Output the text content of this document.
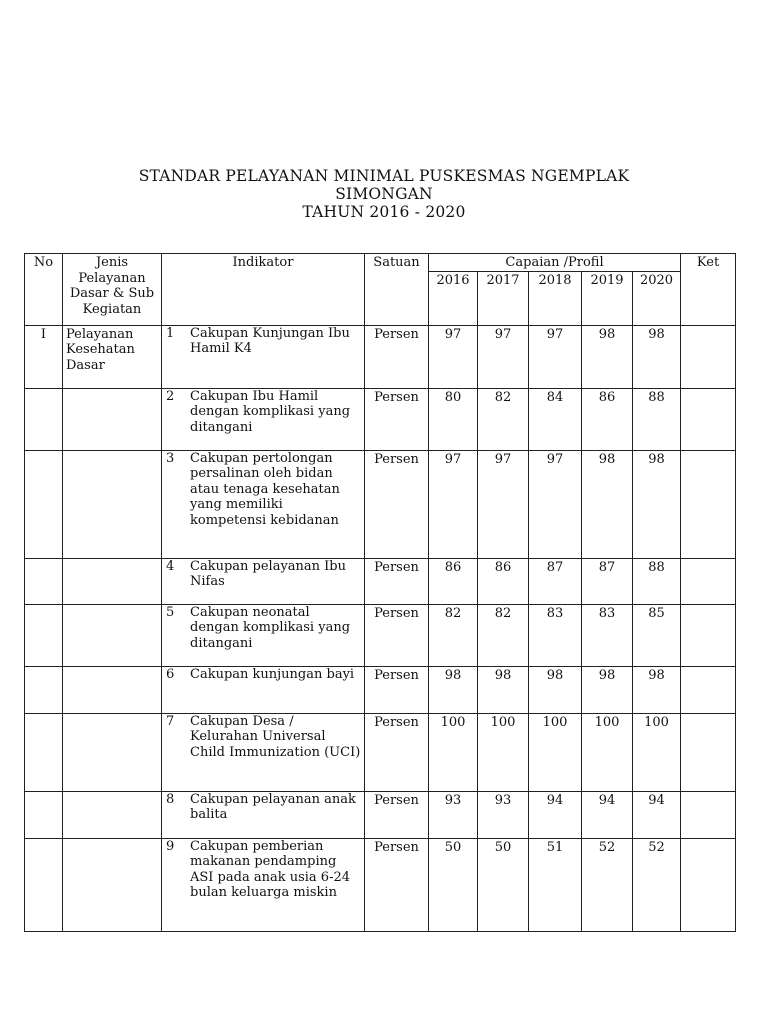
STANDAR PELAYANAN MINIMAL PUSKESMAS NGEMPLAK
SIMONGAN
TAHUN 2016 - 2020
No	Jenis Pelayanan Dasar & Sub Kegiatan	Indikator	Satuan	Capaian /Profil					Ket
				2016	2017	2018	2019	2020	
I	Pelayanan Kesehatan Dasar	1 Cakupan Kunjungan Ibu Hamil K4	Persen	97	97	97	98	98	

		2 Cakupan Ibu Hamil dengan komplikasi yang ditangani	Persen	80	82	84	86	88	

		3 Cakupan pertolongan persalinan oleh bidan atau tenaga kesehatan yang memiliki kompetensi kebidanan	Persen	97	97	97	98	98	

		4 Cakupan pelayanan Ibu Nifas	Persen	86	86	87	87	88	

		5 Cakupan neonatal dengan komplikasi yang ditangani	Persen	82	82	83	83	85	

		6 Cakupan kunjungan bayi	Persen	98	98	98	98	98	

		7 Cakupan Desa / Kelurahan Universal Child Immunization (UCI)	Persen	100	100	100	100	100	

		8 Cakupan pelayanan anak balita	Persen	93	93	94	94	94	

		9 Cakupan pemberian makanan pendamping ASI pada anak usia 6-24 bulan keluarga miskin	Persen	50	50	51	52	52	
